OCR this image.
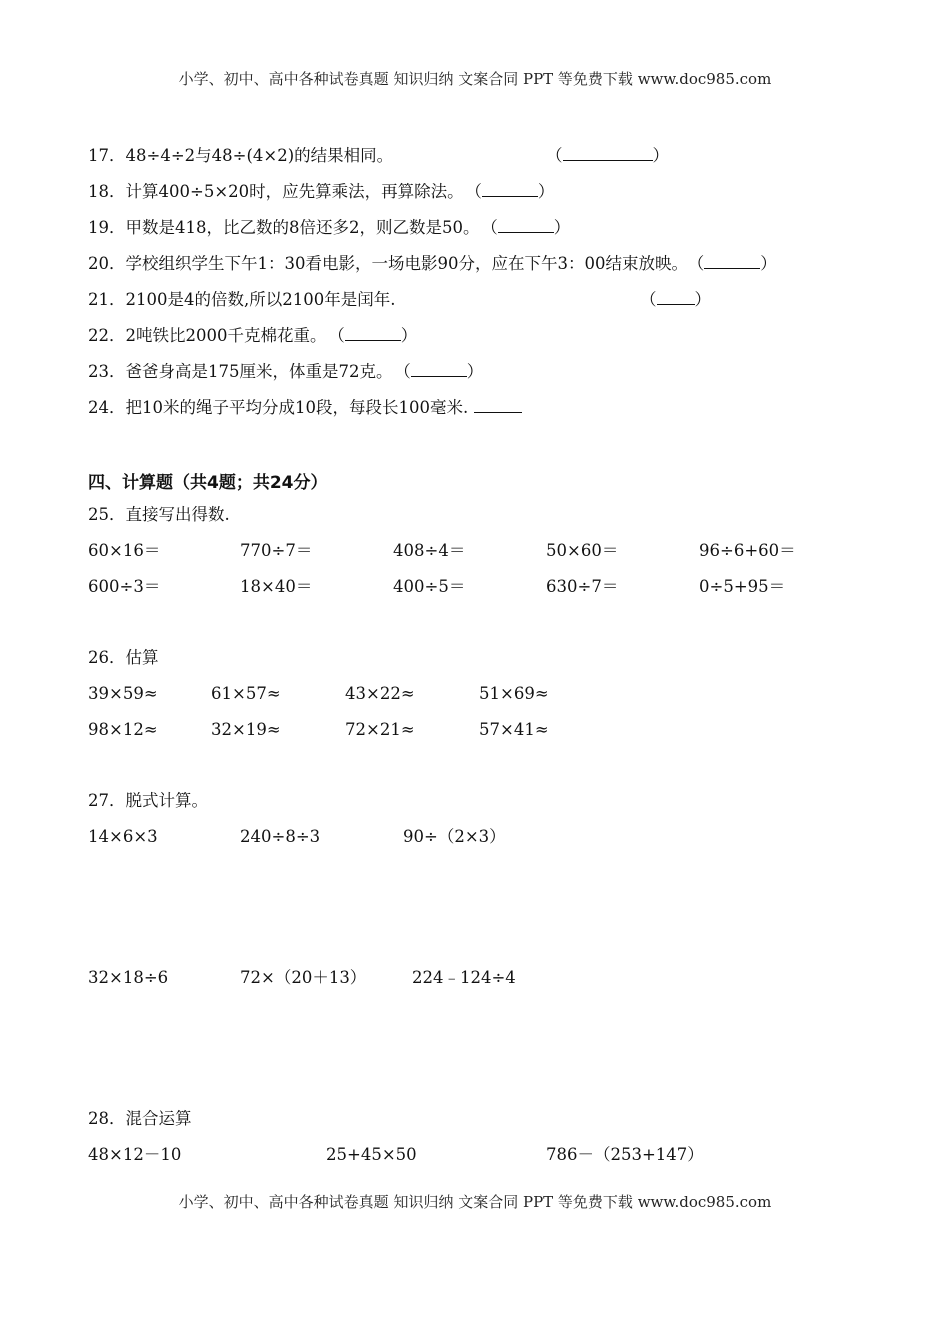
小学、初中、高中各种试卷真题 知识归纳 文案合同 PPT 等免费下载 www.doc985.com
17．48÷4÷2与48÷(4×2)的结果相同。	（	）
18．计算400÷5×20时，应先算乘法，再算除法。 （	）
19．甲数是418，比乙数的8倍还多2，则乙数是50。 （	）
20．学校组织学生下午1：30看电影，一场电影90分，应在下午3：00结束放映。 （	）
21．2100是4的倍数,所以2100年是闰年.	（ ）
22．2吨铁比2000千克棉花重。 （	）
23．爸爸身高是175厘米，体重是72克。 （	）
24．把10米的绳子平均分成10段，每段长100毫米.
四、计算题（共4题；共24分）
25．直接写出得数.
60×16＝	770÷7＝	408÷4＝	50×60＝	96÷6+60＝
600÷3＝	18×40＝	400÷5＝	630÷7＝	0÷5+95＝
26．估算
39×59≈	61×57≈	43×22≈	51×69≈
98×12≈	32×19≈	72×21≈	57×41≈
27．脱式计算。
14×6×3	240÷8÷3	90÷（2×3）
32×18÷6	72×（20＋13）	224﹣124÷4
28．混合运算
48×12－10	25+45×50	786－（253+147）
小学、初中、高中各种试卷真题 知识归纳 文案合同 PPT 等免费下载 www.doc985.com
